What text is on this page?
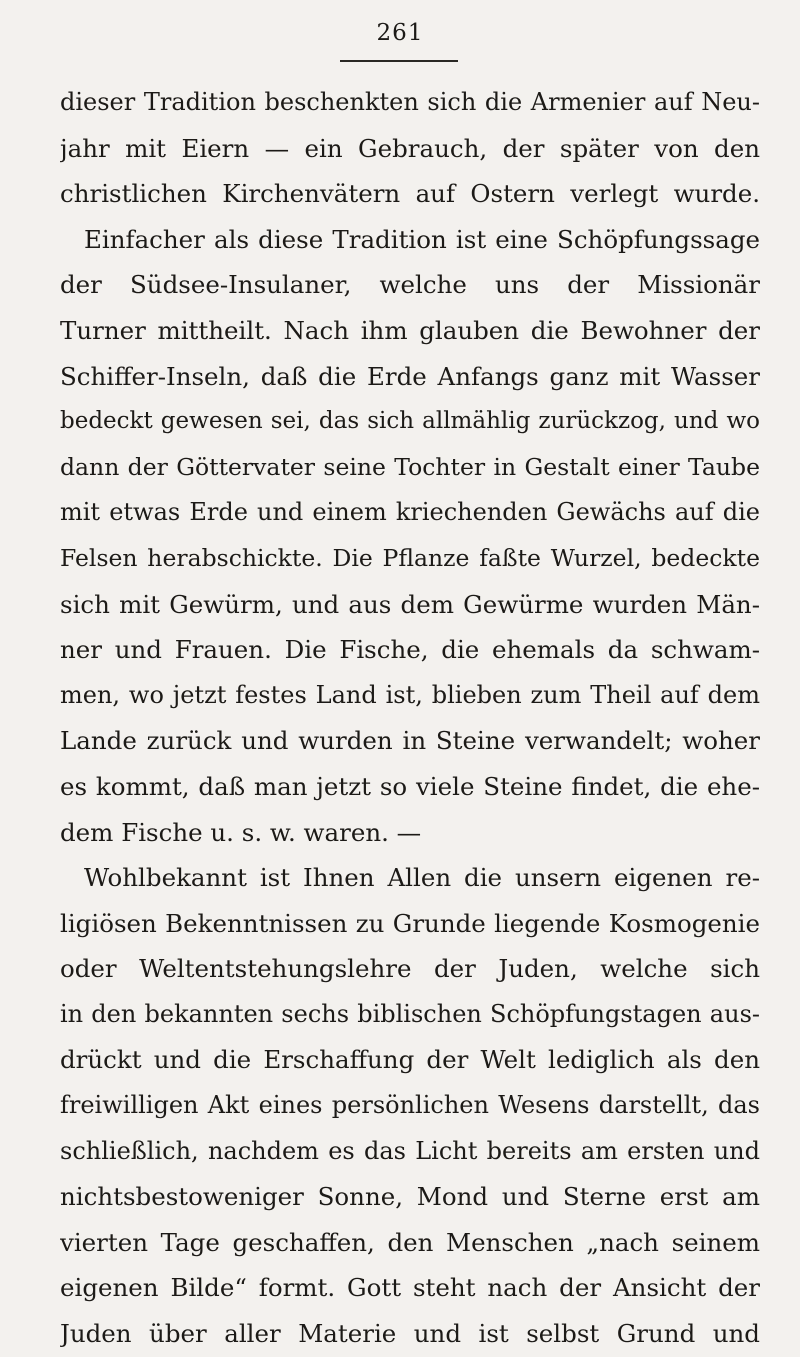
261
dieser Tradition beschenkten sich die Armenier auf Neu-
jahr mit Eiern — ein Gebrauch, der später von den
christlichen Kirchenvätern auf Ostern verlegt wurde.
Einfacher als diese Tradition ist eine Schöpfungssage
der Südsee-Insulaner, welche uns der Missionär
Turner mittheilt. Nach ihm glauben die Bewohner der
Schiffer-Inseln, daß die Erde Anfangs ganz mit Wasser
bedeckt gewesen sei, das sich allmählig zurückzog, und wo
dann der Göttervater seine Tochter in Gestalt einer Taube
mit etwas Erde und einem kriechenden Gewächs auf die
Felsen herabschickte. Die Pflanze faßte Wurzel, bedeckte
sich mit Gewürm, und aus dem Gewürme wurden Män-
ner und Frauen. Die Fische, die ehemals da schwam-
men, wo jetzt festes Land ist, blieben zum Theil auf dem
Lande zurück und wurden in Steine verwandelt; woher
es kommt, daß man jetzt so viele Steine findet, die ehe-
dem Fische u. s. w. waren. —
Wohlbekannt ist Ihnen Allen die unsern eigenen re-
ligiösen Bekenntnissen zu Grunde liegende Kosmogenie
oder Weltentstehungslehre der Juden, welche sich
in den bekannten sechs biblischen Schöpfungstagen aus-
drückt und die Erschaffung der Welt lediglich als den
freiwilligen Akt eines persönlichen Wesens darstellt, das
schließlich, nachdem es das Licht bereits am ersten und
nichtsbestoweniger Sonne, Mond und Sterne erst am
vierten Tage geschaffen, den Menschen „nach seinem
eigenen Bilde“ formt. Gott steht nach der Ansicht der
Juden über aller Materie und ist selbst Grund und
